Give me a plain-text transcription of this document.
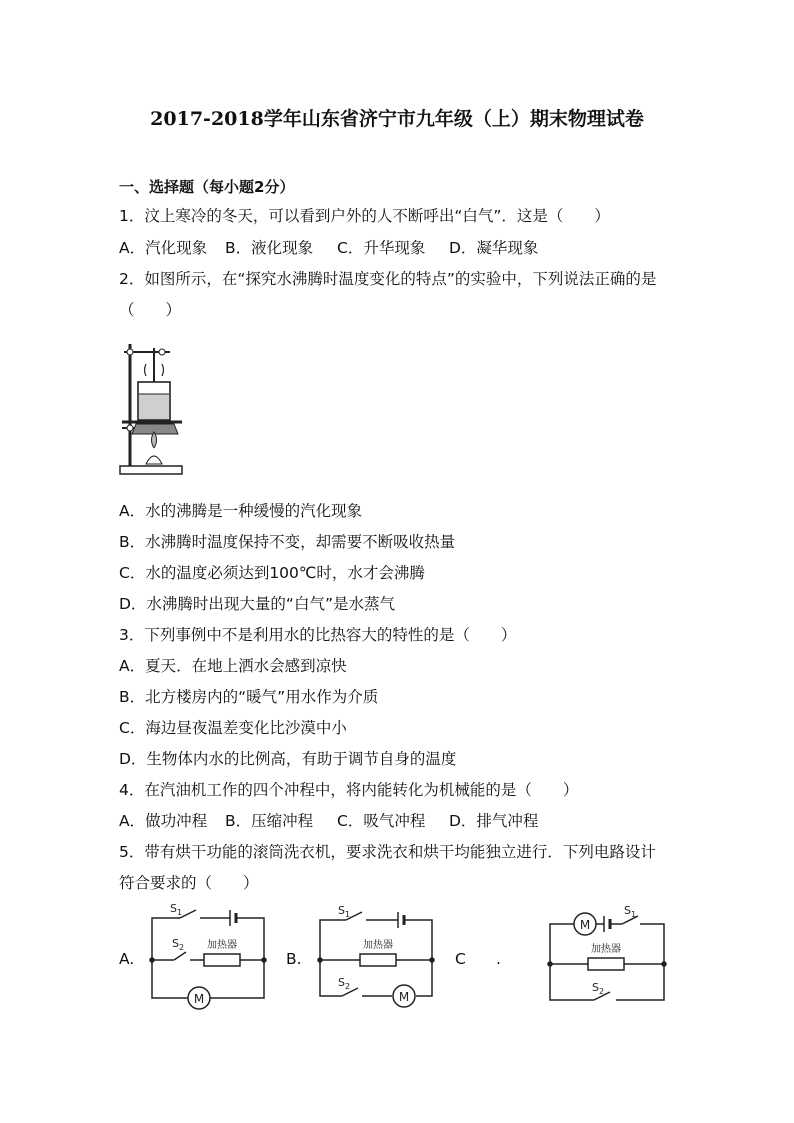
2017-2018学年山东省济宁市九年级（上）期末物理试卷
一、选择题（每小题2分）
1．汶上寒冷的冬天，可以看到户外的人不断呼出“白气”．这是（　　）
A．汽化现象 B．液化现象 C．升华现象 D．凝华现象
2．如图所示，在“探究水沸腾时温度变化的特点”的实验中，下列说法正确的是
（　　）
A．水的沸腾是一种缓慢的汽化现象
B．水沸腾时温度保持不变，却需要不断吸收热量
C．水的温度必须达到100℃时，水才会沸腾
D．水沸腾时出现大量的“白气”是水蒸气
3．下列事例中不是利用水的比热容大的特性的是（　　）
A．夏天．在地上洒水会感到凉快
B．北方楼房内的“暖气”用水作为介质
C．海边昼夜温差变化比沙漠中小
D．生物体内水的比例高，有助于调节自身的温度
4．在汽油机工作的四个冲程中，将内能转化为机械能的是（　　）
A．做功冲程 B．压缩冲程 C．吸气冲程 D．排气冲程
5．带有烘干功能的滚筒洗衣机，要求洗衣和烘干均能独立进行．下列电路设计
符合要求的（　　）
A.	B.	C .
M
S 1
S 2 加热器
M
S 1
S 2
加热器
M
S 1
S 2
加热器
